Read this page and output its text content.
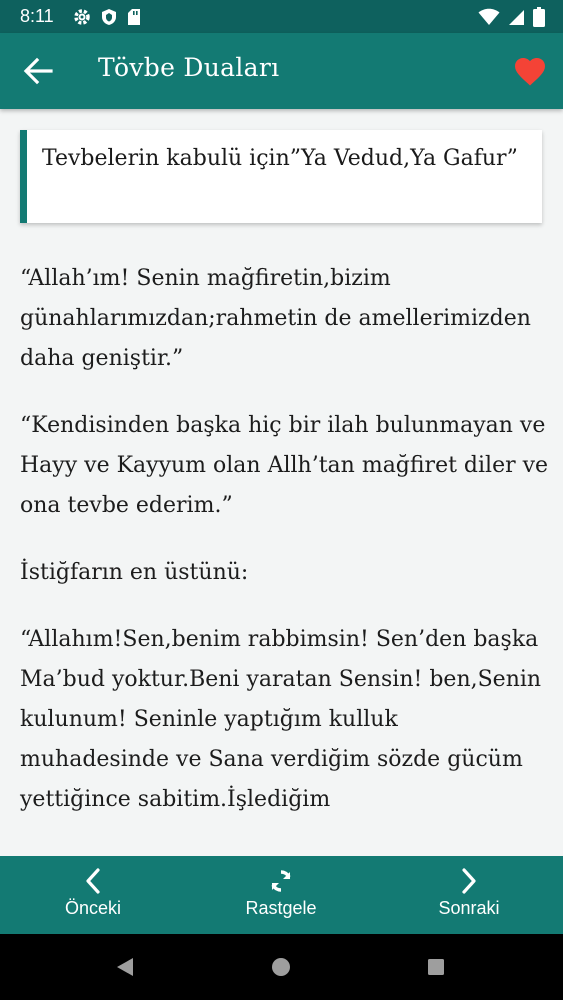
8:11
Tövbe Duaları
Tevbelerin kabulü için”Ya Vedud,Ya Gafur”

“Allah’ım! Senin mağfiretin,bizim günahlarımızdan;rahmetin de amellerimizden daha geniştir.”

“Kendisinden başka hiç bir ilah bulunmayan ve Hayy ve Kayyum olan Allh’tan mağfiret diler ve ona tevbe ederim.”

İstiğfarın en üstünü:

“Allahım!Sen,benim rabbimsin! Sen’den başka Ma’bud yoktur.Beni yaratan Sensin! ben,Senin kulunum! Seninle yaptığım kulluk muhadesinde ve Sana verdiğim sözde gücüm yettiğince sabitim.İşlediğim

Önceki	Rastgele	Sonraki
